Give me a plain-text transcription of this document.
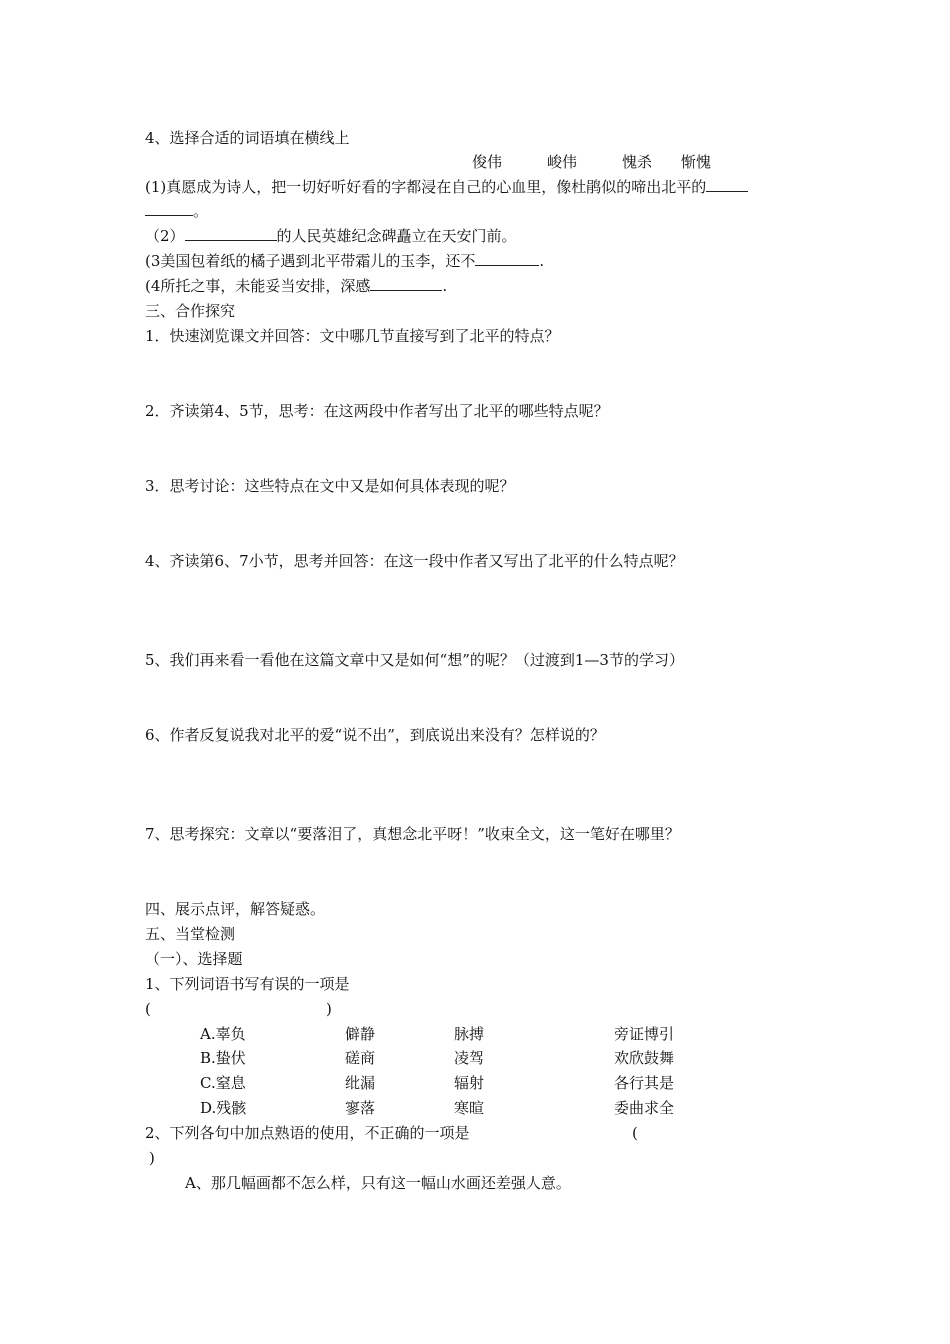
4、选择合适的词语填在横线上
俊伟	峻伟	愧杀 惭愧
(1)真愿成为诗人，把一切好听好看的字都浸在自己的心血里，像杜鹃似的啼出北平的
。
（2）	的人民英雄纪念碑矗立在天安门前。
(3美国包着纸的橘子遇到北平带霜儿的玉李，还不	.
(4所托之事，未能妥当安排，深感	.
三、合作探究
1．快速浏览课文并回答：文中哪几节直接写到了北平的特点？
2．齐读第4、5节，思考：在这两段中作者写出了北平的哪些特点呢？
3．思考讨论：这些特点在文中又是如何具体表现的呢？
4、齐读第6、7小节，思考并回答：在这一段中作者又写出了北平的什么特点呢？
5、我们再来看一看他在这篇文章中又是如何“想”的呢？（过渡到1—3节的学习）
6、作者反复说我对北平的爱“说不出”，到底说出来没有？怎样说的？
7、思考探究：文章以“要落泪了，真想念北平呀！”收束全文，这一笔好在哪里？
四、展示点评，解答疑惑。
五、当堂检测
（一）、选择题
1、下列词语书写有误的一项是
(	)
A.辜负	僻静	脉搏	旁证博引
B.蛰伏	磋商	凌驾	欢欣鼓舞
C.窒息	纰漏	辐射	各行其是
D.残骸	寥落	寒暄	委曲求全
2、下列各句中加点熟语的使用，不正确的一项是	(
)
A、那几幅画都不怎么样，只有这一幅山水画还差强人意。
